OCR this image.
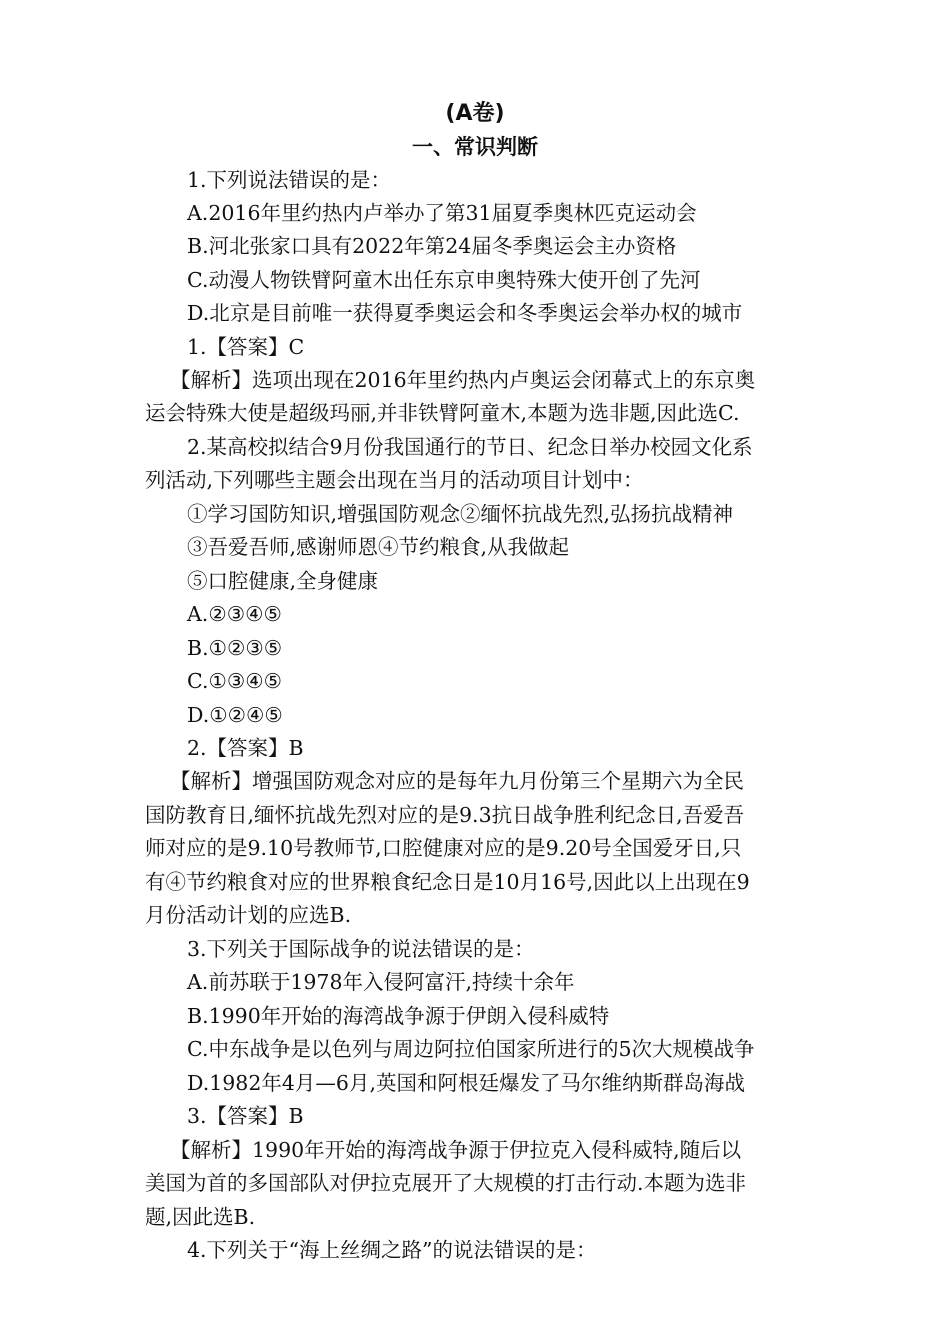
(A卷)
一、常识判断
1.下列说法错误的是：
A.2016年里约热内卢举办了第31届夏季奥林匹克运动会
B.河北张家口具有2022年第24届冬季奥运会主办资格
C.动漫人物铁臂阿童木出任东京申奥特殊大使开创了先河
D.北京是目前唯一获得夏季奥运会和冬季奥运会举办权的城市
1.【答案】C
【解析】选项出现在2016年里约热内卢奥运会闭幕式上的东京奥
运会特殊大使是超级玛丽,并非铁臂阿童木,本题为选非题,因此选C.
2.某高校拟结合9月份我国通行的节日、纪念日举办校园文化系
列活动,下列哪些主题会出现在当月的活动项目计划中：
①学习国防知识,增强国防观念②缅怀抗战先烈,弘扬抗战精神
③吾爱吾师,感谢师恩④节约粮食,从我做起
⑤口腔健康,全身健康
A.②③④⑤
B.①②③⑤
C.①③④⑤
D.①②④⑤
2.【答案】B
【解析】增强国防观念对应的是每年九月份第三个星期六为全民
国防教育日,缅怀抗战先烈对应的是9.3抗日战争胜利纪念日,吾爱吾
师对应的是9.10号教师节,口腔健康对应的是9.20号全国爱牙日,只
有④节约粮食对应的世界粮食纪念日是10月16号,因此以上出现在9
月份活动计划的应选B.
3.下列关于国际战争的说法错误的是：
A.前苏联于1978年入侵阿富汗,持续十余年
B.1990年开始的海湾战争源于伊朗入侵科威特
C.中东战争是以色列与周边阿拉伯国家所进行的5次大规模战争
D.1982年4月—6月,英国和阿根廷爆发了马尔维纳斯群岛海战
3.【答案】B
【解析】1990年开始的海湾战争源于伊拉克入侵科威特,随后以
美国为首的多国部队对伊拉克展开了大规模的打击行动.本题为选非
题,因此选B.
4.下列关于“海上丝绸之路”的说法错误的是：
